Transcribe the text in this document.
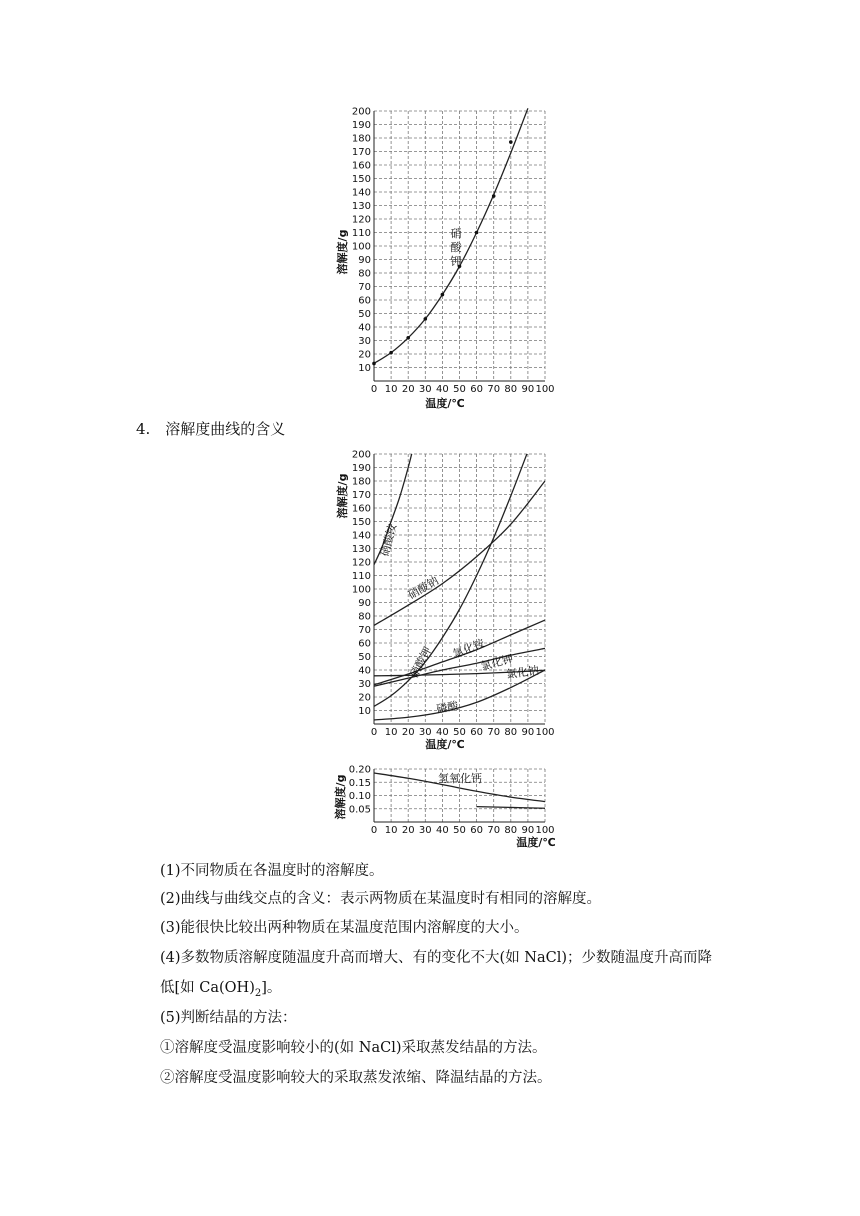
溶解度/g
0 10 20 30 40 50 60 70 80 90 100
10
20
30
40
50
60
70
80
90
100
110
120
130
140
150
160
170
180
190
200
硝
酸
钾
温度/℃
4.　溶解度曲线的含义
溶解度/g
0 10 20 30 40 50 60 70 80 90 100
10
20
30
40
50
60
70
80
90
100
110
120
130
140
150
160
170
180
190
200
硝酸铵
硝酸钠
硝酸钾 氯化铵
氯化钾
氯化钠
磷酸
温度/℃
溶解度/g
0 10 20 30 40 50 60 70 80 90 100
0.05
0.10
0.15
0.20
氢氧化钙
温度/℃
(1)不同物质在各温度时的溶解度。
(2)曲线与曲线交点的含义：表示两物质在某温度时有相同的溶解度。
(3)能很快比较出两种物质在某温度范围内溶解度的大小。
(4)多数物质溶解度随温度升高而增大、有的变化不大(如 NaCl)；少数随温度升高而降
低[如 $Ca(OH)_2$]。
(5)判断结晶的方法：
①溶解度受温度影响较小的(如 NaCl)采取蒸发结晶的方法。
②溶解度受温度影响较大的采取蒸发浓缩、降温结晶的方法。
